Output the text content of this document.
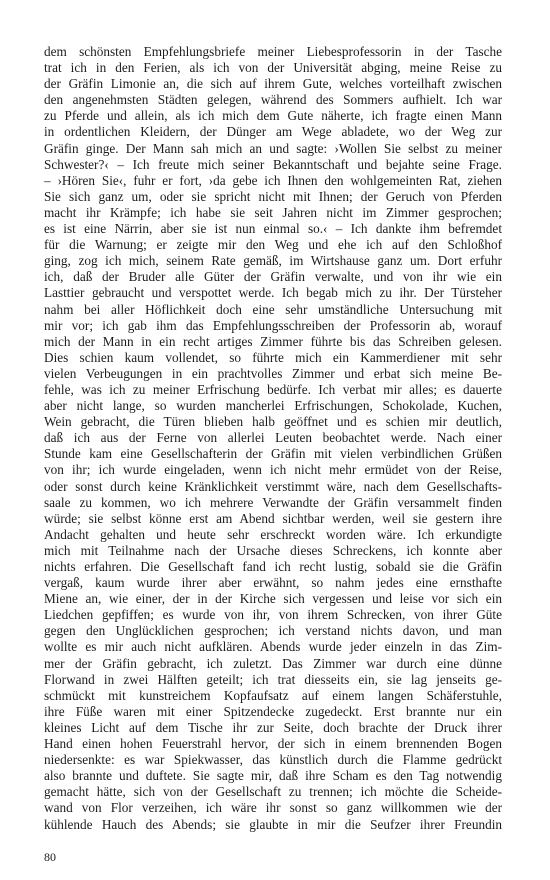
dem schönsten Empfehlungsbriefe meiner Liebesprofessorin in der Tasche
trat ich in den Ferien, als ich von der Universität abging, meine Reise zu
der Gräfin Limonie an, die sich auf ihrem Gute, welches vorteilhaft zwischen
den angenehmsten Städten gelegen, während des Sommers aufhielt. Ich war
zu Pferde und allein, als ich mich dem Gute näherte, ich fragte einen Mann
in ordentlichen Kleidern, der Dünger am Wege abladete, wo der Weg zur
Gräfin ginge. Der Mann sah mich an und sagte: ›Wollen Sie selbst zu meiner
Schwester?‹ – Ich freute mich seiner Bekanntschaft und bejahte seine Frage.
– ›Hören Sie‹, fuhr er fort, ›da gebe ich Ihnen den wohlgemeinten Rat, ziehen
Sie sich ganz um, oder sie spricht nicht mit Ihnen; der Geruch von Pferden
macht ihr Krämpfe; ich habe sie seit Jahren nicht im Zimmer gesprochen;
es ist eine Närrin, aber sie ist nun einmal so.‹ – Ich dankte ihm befremdet
für die Warnung; er zeigte mir den Weg und ehe ich auf den Schloßhof
ging, zog ich mich, seinem Rate gemäß, im Wirtshause ganz um. Dort erfuhr
ich, daß der Bruder alle Güter der Gräfin verwalte, und von ihr wie ein
Lasttier gebraucht und verspottet werde. Ich begab mich zu ihr. Der Türsteher
nahm bei aller Höflichkeit doch eine sehr umständliche Untersuchung mit
mir vor; ich gab ihm das Empfehlungsschreiben der Professorin ab, worauf
mich der Mann in ein recht artiges Zimmer führte bis das Schreiben gelesen.
Dies schien kaum vollendet, so führte mich ein Kammerdiener mit sehr
vielen Verbeugungen in ein prachtvolles Zimmer und erbat sich meine Be-
fehle, was ich zu meiner Erfrischung bedürfe. Ich verbat mir alles; es dauerte
aber nicht lange, so wurden mancherlei Erfrischungen, Schokolade, Kuchen,
Wein gebracht, die Türen blieben halb geöffnet und es schien mir deutlich,
daß ich aus der Ferne von allerlei Leuten beobachtet werde. Nach einer
Stunde kam eine Gesellschafterin der Gräfin mit vielen verbindlichen Grüßen
von ihr; ich wurde eingeladen, wenn ich nicht mehr ermüdet von der Reise,
oder sonst durch keine Kränklichkeit verstimmt wäre, nach dem Gesellschafts-
saale zu kommen, wo ich mehrere Verwandte der Gräfin versammelt finden
würde; sie selbst könne erst am Abend sichtbar werden, weil sie gestern ihre
Andacht gehalten und heute sehr erschreckt worden wäre. Ich erkundigte
mich mit Teilnahme nach der Ursache dieses Schreckens, ich konnte aber
nichts erfahren. Die Gesellschaft fand ich recht lustig, sobald sie die Gräfin
vergaß, kaum wurde ihrer aber erwähnt, so nahm jedes eine ernsthafte
Miene an, wie einer, der in der Kirche sich vergessen und leise vor sich ein
Liedchen gepfiffen; es wurde von ihr, von ihrem Schrecken, von ihrer Güte
gegen den Unglücklichen gesprochen; ich verstand nichts davon, und man
wollte es mir auch nicht aufklären. Abends wurde jeder einzeln in das Zim-
mer der Gräfin gebracht, ich zuletzt. Das Zimmer war durch eine dünne
Florwand in zwei Hälften geteilt; ich trat diesseits ein, sie lag jenseits ge-
schmückt mit kunstreichem Kopfaufsatz auf einem langen Schäferstuhle,
ihre Füße waren mit einer Spitzendecke zugedeckt. Erst brannte nur ein
kleines Licht auf dem Tische ihr zur Seite, doch brachte der Druck ihrer
Hand einen hohen Feuerstrahl hervor, der sich in einem brennenden Bogen
niedersenkte: es war Spiekwasser, das künstlich durch die Flamme gedrückt
also brannte und duftete. Sie sagte mir, daß ihre Scham es den Tag notwendig
gemacht hätte, sich von der Gesellschaft zu trennen; ich möchte die Scheide-
wand von Flor verzeihen, ich wäre ihr sonst so ganz willkommen wie der
kühlende Hauch des Abends; sie glaubte in mir die Seufzer ihrer Freundin
80
